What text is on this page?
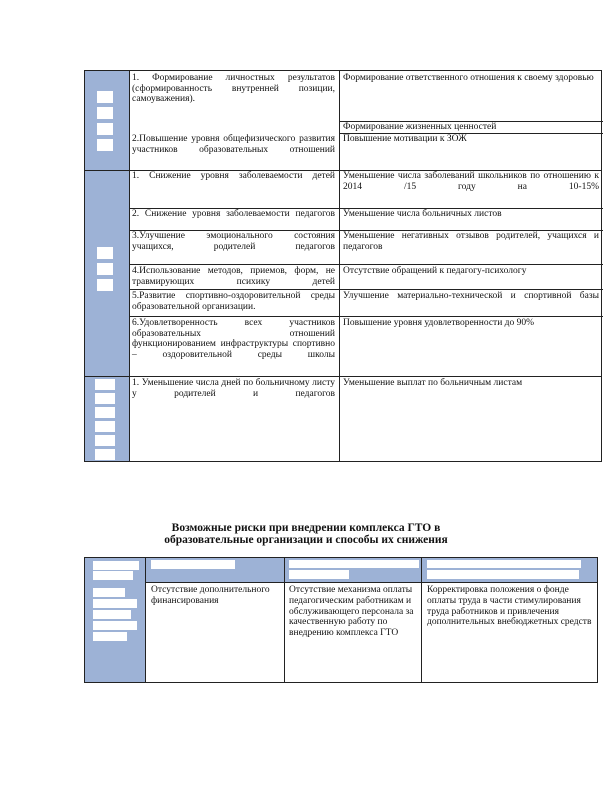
1. Формирование личностных результатов (сформированность внутренней позиции, самоуважения).

Формирование ответственного отношения к своему здоровью

Формирование жизненных ценностей

2.Повышение уровня общефизического развития участников образовательных отношений

Повышение мотивации к ЗОЖ

1. Снижение уровня заболеваемости детей Уменьшение числа заболеваний школьников по отношению к 2014 /15 году на 10-15%

2. Снижение уровня заболеваемости педагогов Уменьшение числа больничных листов

3.Улучшение эмоционального состояния учащихся, родителей педагогов

Уменьшение негативных отзывов родителей, учащихся и педагогов

4.Использование методов, приемов, форм, не травмирующих психику детей

Отсутствие обращений к педагогу-психологу

5.Развитие спортивно-оздоровительной среды образовательной организации.

Улучшение материально-технической и спортивной базы

6.Удовлетворенность всех участников образовательных отношений функционированием инфраструктуры спортивно – оздоровительной среды школы

Повышение уровня удовлетворенности до 90%

1. Уменьшение числа дней по больничному листу у родителей и педагогов

Уменьшение выплат по больничным листам

Возможные риски при внедрении комплекса ГТО в
образовательные организации и способы их снижения

Отсутствие дополнительного финансирования

Отсутствие механизма оплаты педагогическим работникам и обслуживающего персонала за качественную работу по внедрению комплекса ГТО

Корректировка положения о фонде оплаты труда в части стимулирования труда работников и привлечения дополнительных внебюджетных средств
